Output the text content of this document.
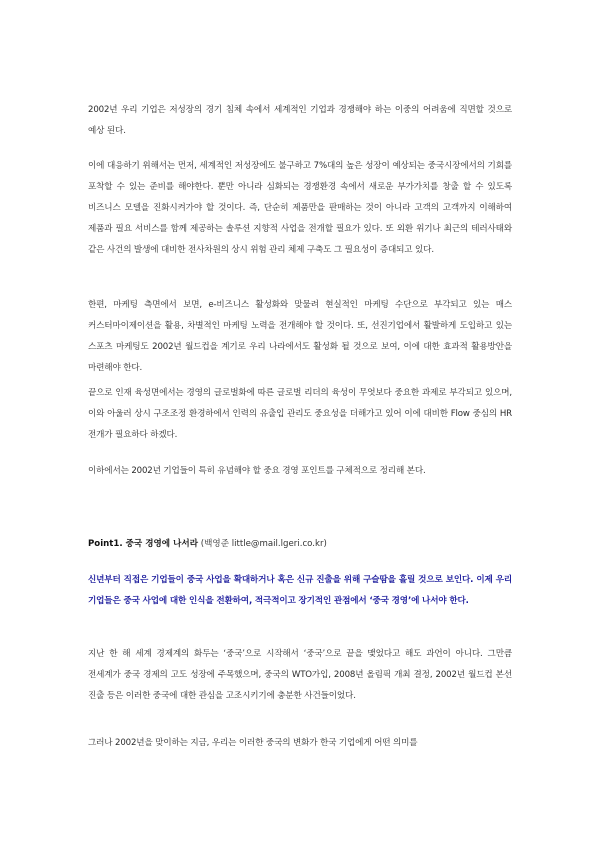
2002년 우리 기업은 저성장의 경기 침체 속에서 세계적인 기업과 경쟁해야 하는 이중의 어려움에 직면할 것으로 예상 된다.

이에 대응하기 위해서는 먼저, 세계적인 저성장에도 불구하고 7%대의 높은 성장이 예상되는 중국시장에서의 기회를 포착할 수 있는 준비를 해야한다. 뿐만 아니라 심화되는 경쟁환경 속에서 새로운 부가가치를 창출 할 수 있도록 비즈니스 모델을 진화시켜가야 할 것이다. 즉, 단순히 제품만을 판매하는 것이 아니라 고객의 고객까지 이해하여 제품과 필요 서비스를 함께 제공하는 솔루션 지향적 사업을 전개할 필요가 있다. 또 외환 위기나 최근의 테러사태와 같은 사건의 발생에 대비한 전사차원의 상시 위험 관리 체제 구축도 그 필요성이 증대되고 있다.

한편, 마케팅 측면에서 보면, e-비즈니스 활성화와 맞물려 현실적인 마케팅 수단으로 부각되고 있는 매스 커스터마이제이션을 활용, 차별적인 마케팅 노력을 전개해야 할 것이다. 또, 선진기업에서 활발하게 도입하고 있는 스포츠 마케팅도 2002년 월드컵을 계기로 우리 나라에서도 활성화 될 것으로 보여, 이에 대한 효과적 활용방안을 마련해야 한다.

끝으로 인재 육성면에서는 경영의 글로벌화에 따른 글로벌 리더의 육성이 무엇보다 중요한 과제로 부각되고 있으며, 이와 아울러 상시 구조조정 환경하에서 인력의 유출입 관리도 중요성을 더해가고 있어 이에 대비한 Flow 중심의 HR 전개가 필요하다 하겠다.

이하에서는 2002년 기업들이 특히 유념해야 할 중요 경영 포인트를 구체적으로 정리해 본다.

Point1. 중국 경영에 나서라 (백영준 little@mail.lgeri.co.kr)

신년부터 직접은 기업들이 중국 사업을 확대하거나 혹은 신규 진출을 위해 구슬땀을 흘릴 것으로 보인다. 이제 우리 기업들은 중국 사업에 대한 인식을 전환하여, 적극적이고 장기적인 관점에서 ‘중국 경영’에 나서야 한다.

지난 한 해 세계 경제계의 화두는 ‘중국’으로 시작해서 ‘중국’으로 끝을 맺었다고 해도 과언이 아니다. 그만큼 전세계가 중국 경제의 고도 성장에 주목했으며, 중국의 WTO가입, 2008년 올림픽 개최 결정, 2002년 월드컵 본선 진출 등은 이러한 중국에 대한 관심을 고조시키기에 충분한 사건들이었다.

그러나 2002년을 맞이하는 지금, 우리는 이러한 중국의 변화가 한국 기업에게 어떤 의미를
